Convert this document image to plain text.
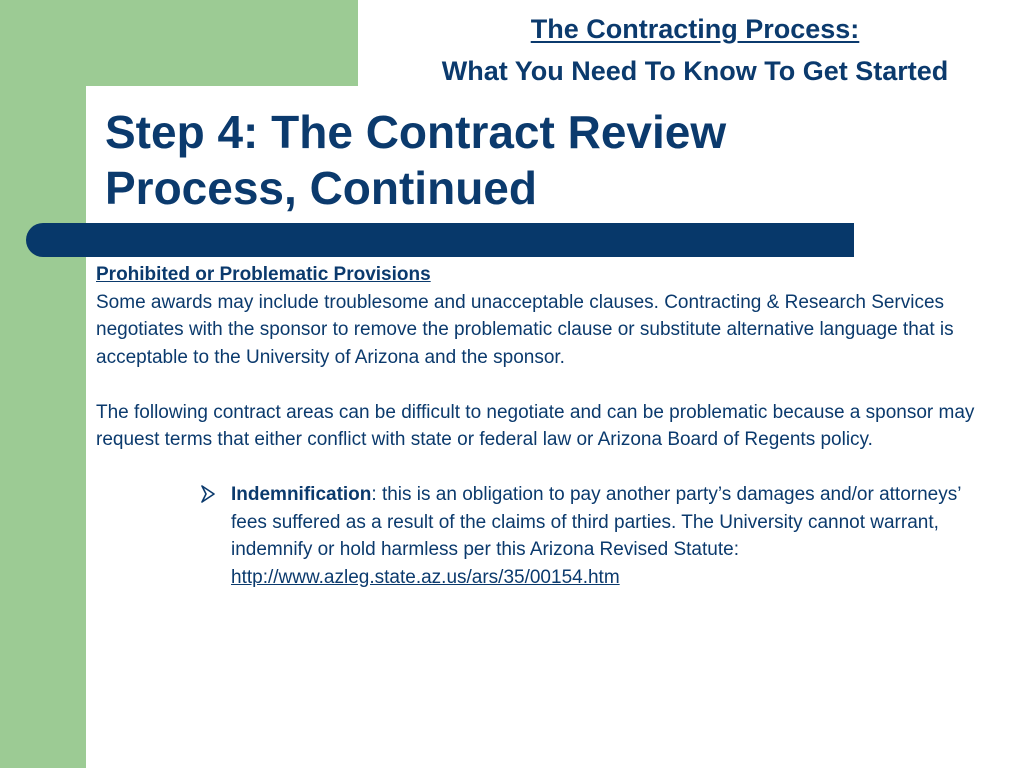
The Contracting Process:
What You Need To Know To Get Started
Step 4: The Contract Review
Process, Continued

Prohibited or Problematic Provisions

Some awards may include troublesome and unacceptable clauses. Contracting & Research Services negotiates with the sponsor to remove the problematic clause or substitute alternative language that is acceptable to the University of Arizona and the sponsor.

The following contract areas can be difficult to negotiate and can be problematic because a sponsor may request terms that either conflict with state or federal law or Arizona Board of Regents policy.

Indemnification: this is an obligation to pay another party’s damages and/or attorneys’ fees suffered as a result of the claims of third parties. The University cannot warrant, indemnify or hold harmless per this Arizona Revised Statute: http://www.azleg.state.az.us/ars/35/00154.htm
